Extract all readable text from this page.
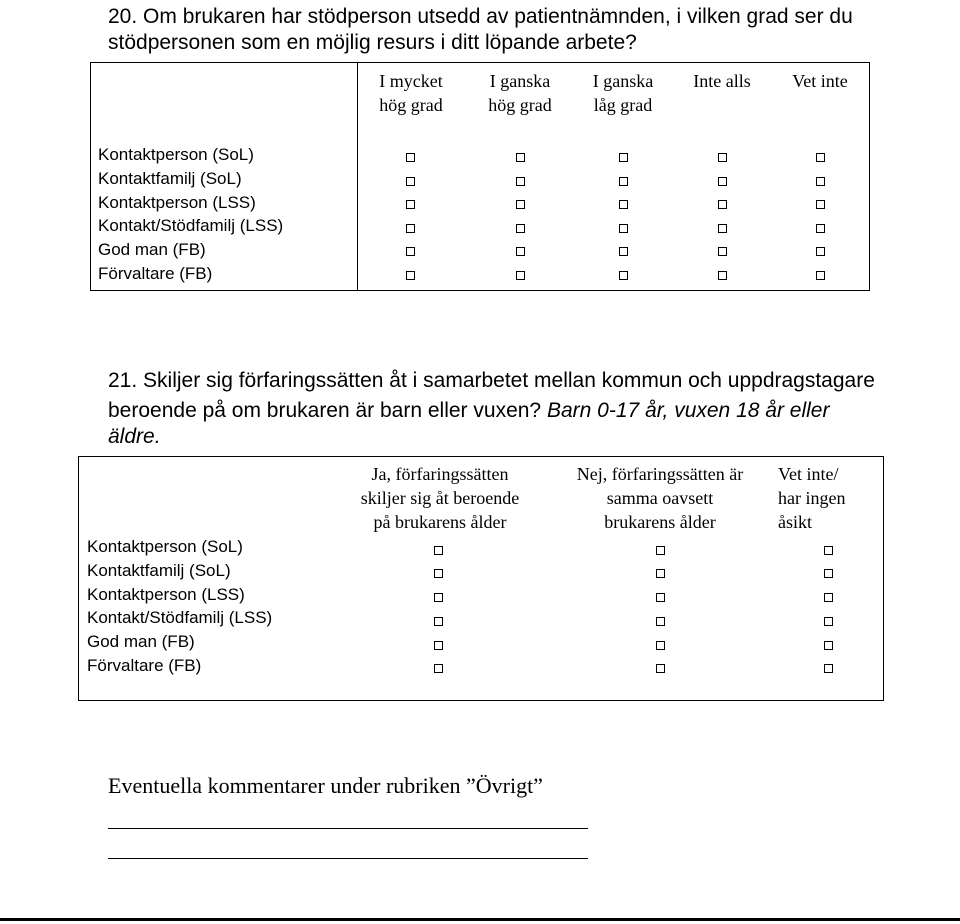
20. Om brukaren har stödperson utsedd av patientnämnden, i vilken grad ser du
stödpersonen som en möjlig resurs i ditt löpande arbete?
I mycket
hög grad
I ganska
hög grad
I ganska
låg grad
Inte alls	Vet inte
Kontaktperson (SoL)
Kontaktfamilj (SoL)
Kontaktperson (LSS)
Kontakt/Stödfamilj (LSS)
God man (FB)
Förvaltare (FB)
21. Skiljer sig förfaringssätten åt i samarbetet mellan kommun och uppdragstagare
beroende på om brukaren är barn eller vuxen? Barn 0-17 år, vuxen 18 år eller
äldre.
Ja, förfaringssätten
skiljer sig åt beroende
på brukarens ålder
Nej, förfaringssätten är
samma oavsett
brukarens ålder
Vet inte/
har ingen
åsikt
Kontaktperson (SoL)
Kontaktfamilj (SoL)
Kontaktperson (LSS)
Kontakt/Stödfamilj (LSS)
God man (FB)
Förvaltare (FB)
Eventuella kommentarer under rubriken ”Övrigt”
